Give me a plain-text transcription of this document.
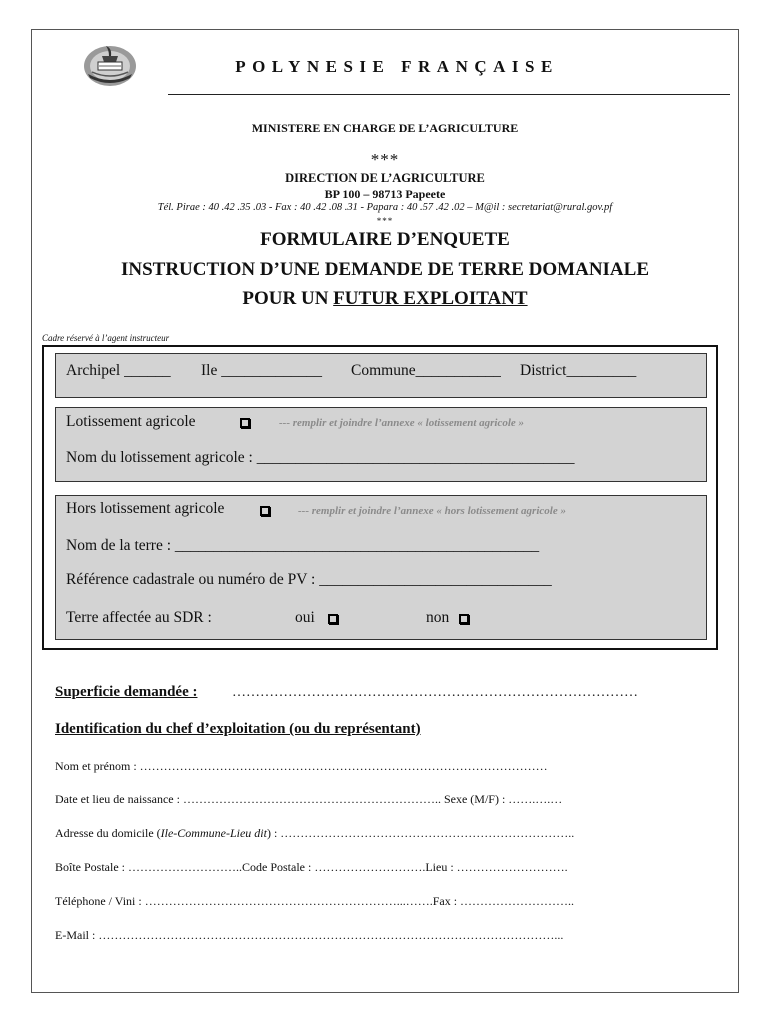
POLYNESIE FRANÇAISE
MINISTERE EN CHARGE DE L’AGRICULTURE
***
DIRECTION DE L’AGRICULTURE
BP 100 – 98713 Papeete
Tél. Pirae : 40 .42 .35 .03 - Fax : 40 .42 .08 .31 - Papara : 40 .57 .42 .02 – M@il : secretariat@rural.gov.pf
***
FORMULAIRE D’ENQUETE
INSTRUCTION D’UNE DEMANDE DE TERRE DOMANIALE
POUR UN FUTUR EXPLOITANT
Cadre réservé à l’agent instructeur
Archipel ______ Ile _____________ Commune___________ District_________
Lotissement agricole	--- remplir et joindre l’annexe « lotissement agricole »
Nom du lotissement agricole : _________________________________________
Hors lotissement agricole	--- remplir et joindre l’annexe « hors lotissement agricole »
Nom de la terre : _______________________________________________
Référence cadastrale ou numéro de PV : ______________________________
Terre affectée au SDR :	oui	non
Superficie demandée : ……………………………………………………………………………
Identification du chef d’exploitation (ou du représentant)
Nom et prénom : …………………………………………………………………………………………
Date et lieu de naissance : ……………………………………………………….. Sexe (M/F) : …….….…
Adresse du domicile (Ile-Commune-Lieu dit) : ………………………………………………………………..
Boîte Postale : ………………………..Code Postale : ……………………….Lieu : ……………………….
Téléphone / Vini : ………………………………………………………...…….Fax : ………………………..
E-Mail : ……………………………………………………………………………………………………...
